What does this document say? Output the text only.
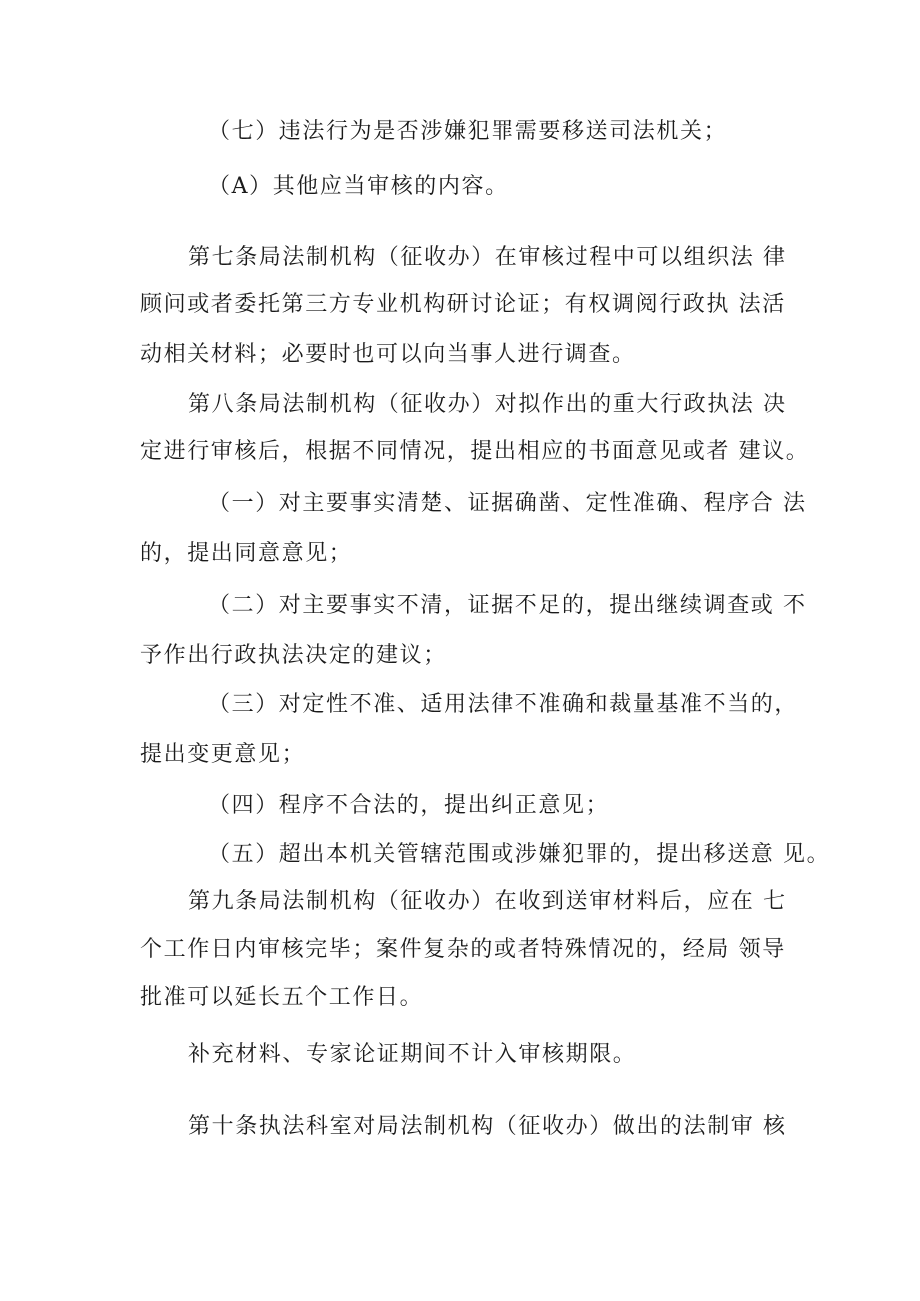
（七）违法行为是否涉嫌犯罪需要移送司法机关；

（A）其他应当审核的内容。

第七条局法制机构（征收办）在审核过程中可以组织法 律

顾问或者委托第三方专业机构研讨论证；有权调阅行政执 法活

动相关材料；必要时也可以向当事人进行调查。

第八条局法制机构（征收办）对拟作出的重大行政执法 决

定进行审核后，根据不同情况，提出相应的书面意见或者 建议。

（一）对主要事实清楚、证据确凿、定性准确、程序合 法

的，提出同意意见；

（二）对主要事实不清，证据不足的，提出继续调查或 不

予作出行政执法决定的建议；

（三）对定性不准、适用法律不准确和裁量基准不当的，

提出变更意见；

（四）程序不合法的，提出纠正意见；

（五）超出本机关管辖范围或涉嫌犯罪的，提出移送意 见。

第九条局法制机构（征收办）在收到送审材料后，应在 七

个工作日内审核完毕；案件复杂的或者特殊情况的，经局 领导

批准可以延长五个工作日。

补充材料、专家论证期间不计入审核期限。

第十条执法科室对局法制机构（征收办）做出的法制审 核
